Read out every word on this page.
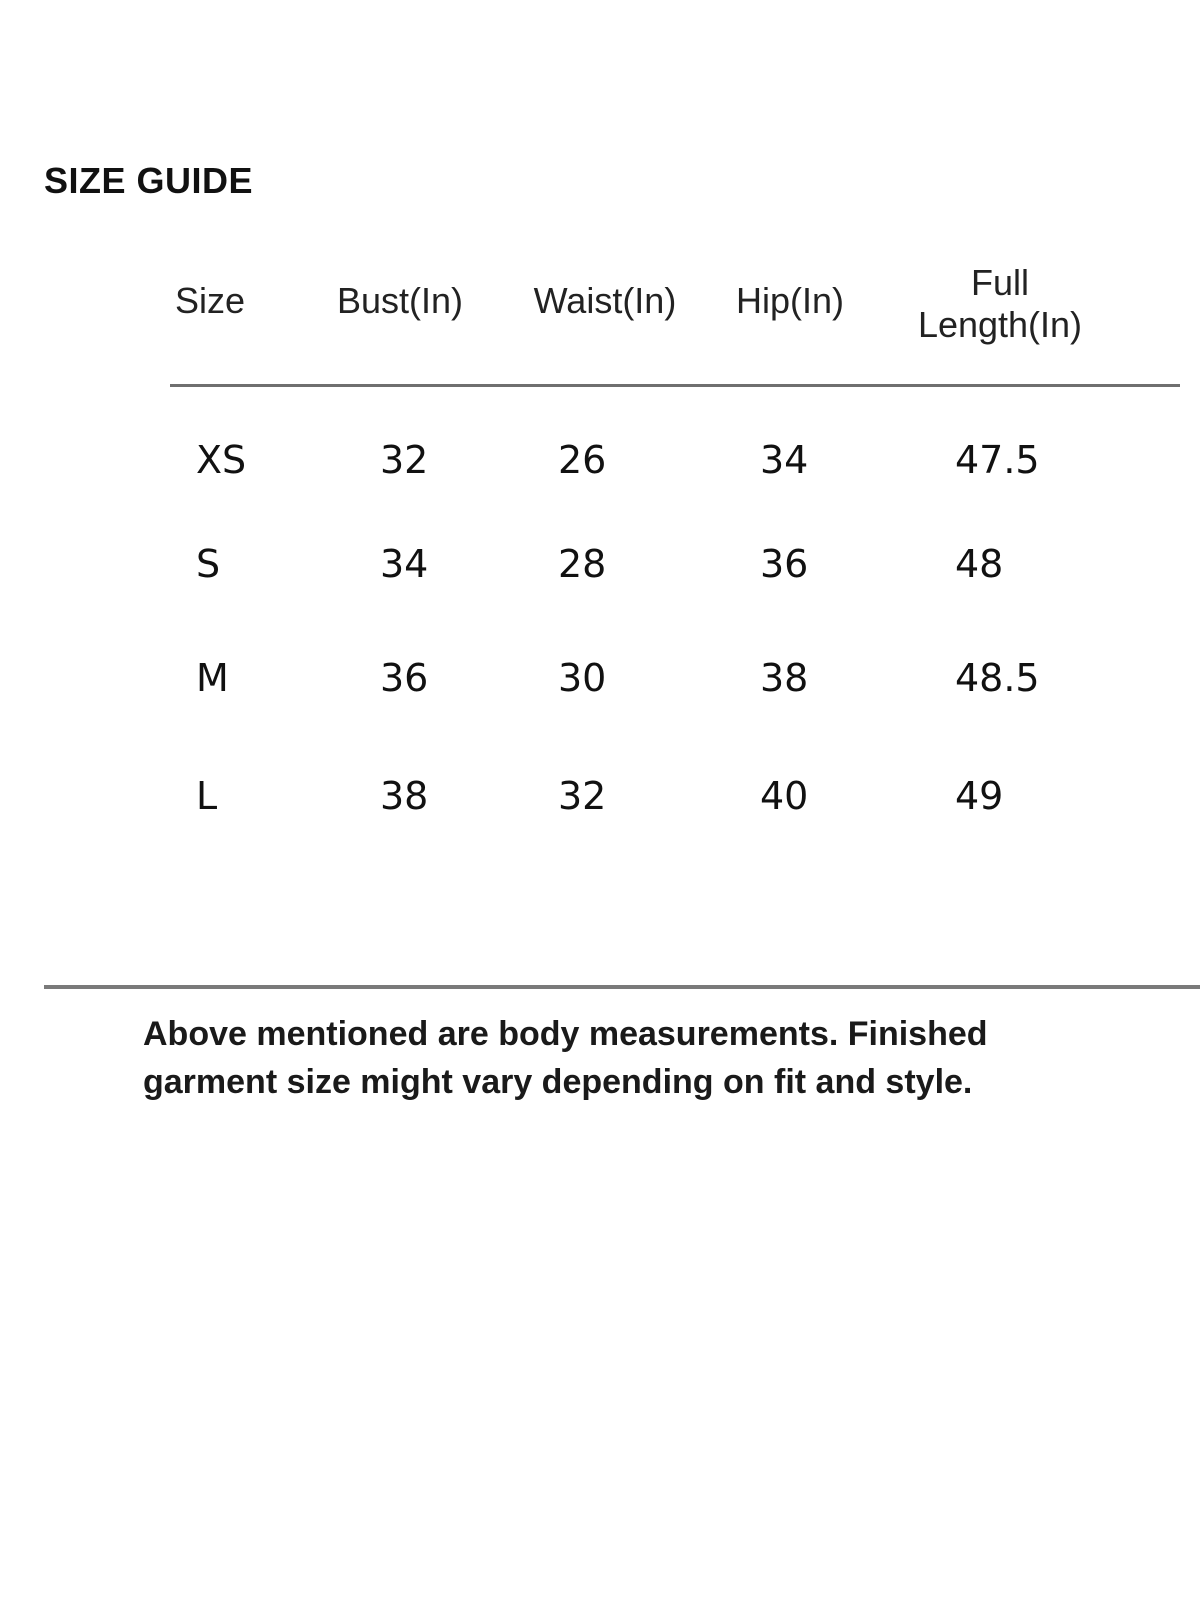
SIZE GUIDE
Size	Bust(In)	Waist(In)	Hip(In)	Full
Length(In)
XS	32	26	34	47.5
S	34	28	36	48
M	36	30	38	48.5
L	38	32	40	49
Above mentioned are body measurements. Finished
garment size might vary depending on fit and style.
